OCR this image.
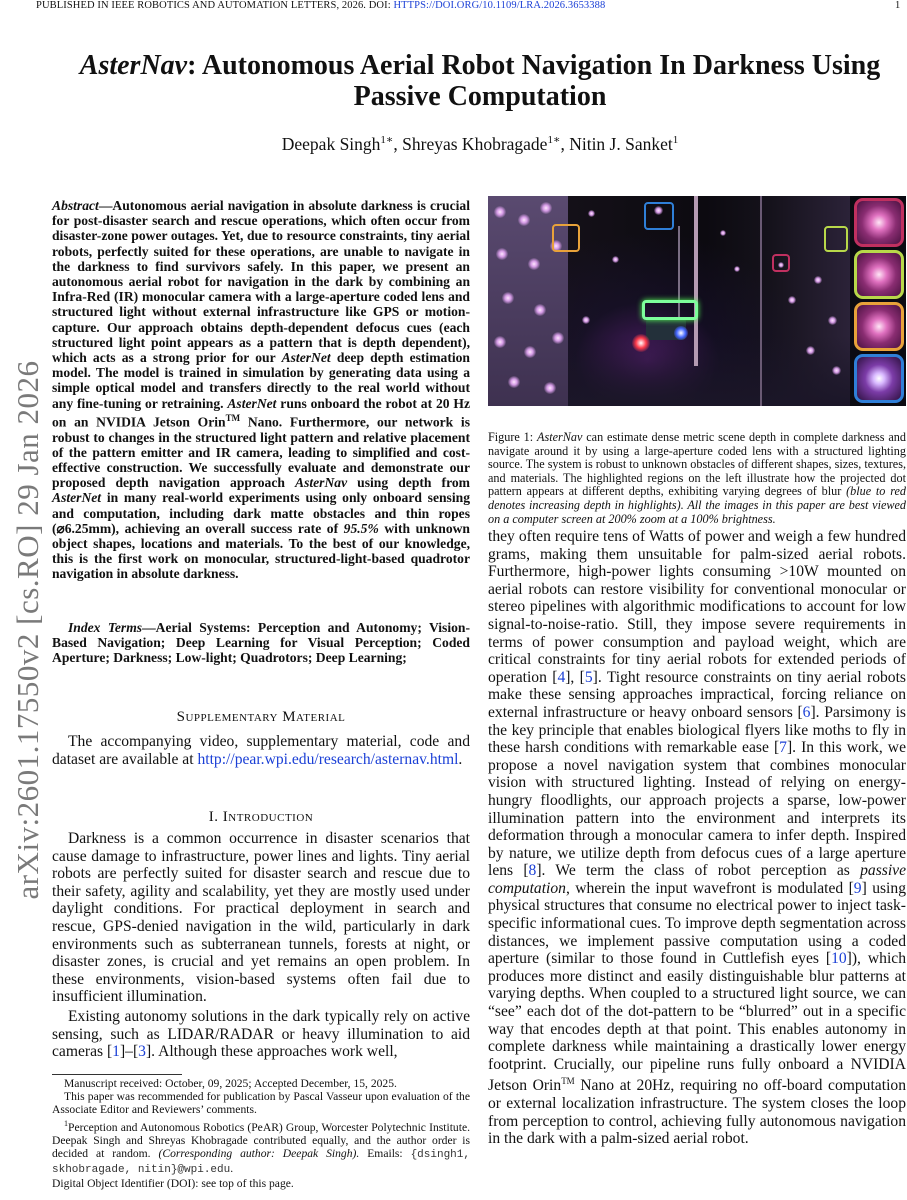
PUBLISHED IN IEEE ROBOTICS AND AUTOMATION LETTERS, 2026. DOI: HTTPS://DOI.ORG/10.1109/LRA.2026.3653388	1
arXiv:2601.17550v2 [cs.RO] 29 Jan 2026
AsterNav: Autonomous Aerial Robot Navigation In Darkness Using Passive Computation
Deepak Singh$^{1∗}$, Shreyas Khobragade$^{1∗}$, Nitin J. Sanket$^1$
Abstract—Autonomous aerial navigation in absolute darkness is crucial for post-disaster search and rescue operations, which often occur from disaster-zone power outages. Yet, due to resource constraints, tiny aerial robots, perfectly suited for these operations, are unable to navigate in the darkness to find survivors safely. In this paper, we present an autonomous aerial robot for navigation in the dark by combining an Infra-Red (IR) monocular camera with a large-aperture coded lens and structured light without external infrastructure like GPS or motion-capture. Our approach obtains depth-dependent defocus cues (each structured light point appears as a pattern that is depth dependent), which acts as a strong prior for our AsterNet deep depth estimation model. The model is trained in simulation by generating data using a simple optical model and transfers directly to the real world without any fine-tuning or retraining. AsterNet runs onboard the robot at 20 Hz on an NVIDIA Jetson Orin™ Nano. Furthermore, our network is robust to changes in the structured light pattern and relative placement of the pattern emitter and IR camera, leading to simplified and cost-effective construction. We successfully evaluate and demonstrate our proposed depth navigation approach AsterNav using depth from AsterNet in many real-world experiments using only onboard sensing and computation, including dark matte obstacles and thin ropes (⌀6.25mm), achieving an overall success rate of 95.5% with unknown object shapes, locations and materials. To the best of our knowledge, this is the first work on monocular, structured-light-based quadrotor navigation in absolute darkness.
Index Terms—Aerial Systems: Perception and Autonomy; Vision-Based Navigation; Deep Learning for Visual Perception; Coded Aperture; Darkness; Low-light; Quadrotors; Deep Learning;
Supplementary Material

The accompanying video, supplementary material, code and dataset are available at http://pear.wpi.edu/research/asternav.html.

I. Introduction

Darkness is a common occurrence in disaster scenarios that cause damage to infrastructure, power lines and lights. Tiny aerial robots are perfectly suited for disaster search and rescue due to their safety, agility and scalability, yet they are mostly used under daylight conditions. For practical deployment in search and rescue, GPS-denied navigation in the wild, particularly in dark environments such as subterranean tunnels, forests at night, or disaster zones, is crucial and yet remains an open problem. In these environments, vision-based systems often fail due to insufficient illumination.

Existing autonomy solutions in the dark typically rely on active sensing, such as LIDAR/RADAR or heavy illumination to aid cameras [1]–[3]. Although these approaches work well,

Manuscript received: October, 09, 2025; Accepted December, 15, 2025.

This paper was recommended for publication by Pascal Vasseur upon evaluation of the Associate Editor and Reviewers’ comments.

$^1$Perception and Autonomous Robotics (PeAR) Group, Worcester Polytechnic Institute. Deepak Singh and Shreyas Khobragade contributed equally, and the author order is decided at random. (Corresponding author: Deepak Singh). Emails: {dsingh1, skhobragade, nitin}@wpi.edu.

Digital Object Identifier (DOI): see top of this page.

Figure 1: AsterNav can estimate dense metric scene depth in complete darkness and navigate around it by using a large-aperture coded lens with a structured lighting source. The system is robust to unknown obstacles of different shapes, sizes, textures, and materials. The highlighted regions on the left illustrate how the projected dot pattern appears at different depths, exhibiting varying degrees of blur (blue to red denotes increasing depth in highlights). All the images in this paper are best viewed on a computer screen at 200% zoom at a 100% brightness.

they often require tens of Watts of power and weigh a few hundred grams, making them unsuitable for palm-sized aerial robots. Furthermore, high-power lights consuming >10W mounted on aerial robots can restore visibility for conventional monocular or stereo pipelines with algorithmic modifications to account for low signal-to-noise-ratio. Still, they impose severe requirements in terms of power consumption and payload weight, which are critical constraints for tiny aerial robots for extended periods of operation [4], [5]. Tight resource constraints on tiny aerial robots make these sensing approaches impractical, forcing reliance on external infrastructure or heavy onboard sensors [6]. Parsimony is the key principle that enables biological flyers like moths to fly in these harsh conditions with remarkable ease [7]. In this work, we propose a novel navigation system that combines monocular vision with structured lighting. Instead of relying on energy-hungry floodlights, our approach projects a sparse, low-power illumination pattern into the environment and interprets its deformation through a monocular camera to infer depth. Inspired by nature, we utilize depth from defocus cues of a large aperture lens [8]. We term the class of robot perception as passive computation, wherein the input wavefront is modulated [9] using physical structures that consume no electrical power to inject task-specific informational cues. To improve depth segmentation across distances, we implement passive computation using a coded aperture (similar to those found in Cuttlefish eyes [10]), which produces more distinct and easily distinguishable blur patterns at varying depths. When coupled to a structured light source, we can “see” each dot of the dot-pattern to be “blurred” out in a specific way that encodes depth at that point. This enables autonomy in complete darkness while maintaining a drastically lower energy footprint. Crucially, our pipeline runs fully onboard a NVIDIA Jetson Orin™ Nano at 20Hz, requiring no off-board computation or external localization infrastructure. The system closes the loop from perception to control, achieving fully autonomous navigation in the dark with a palm-sized aerial robot.
